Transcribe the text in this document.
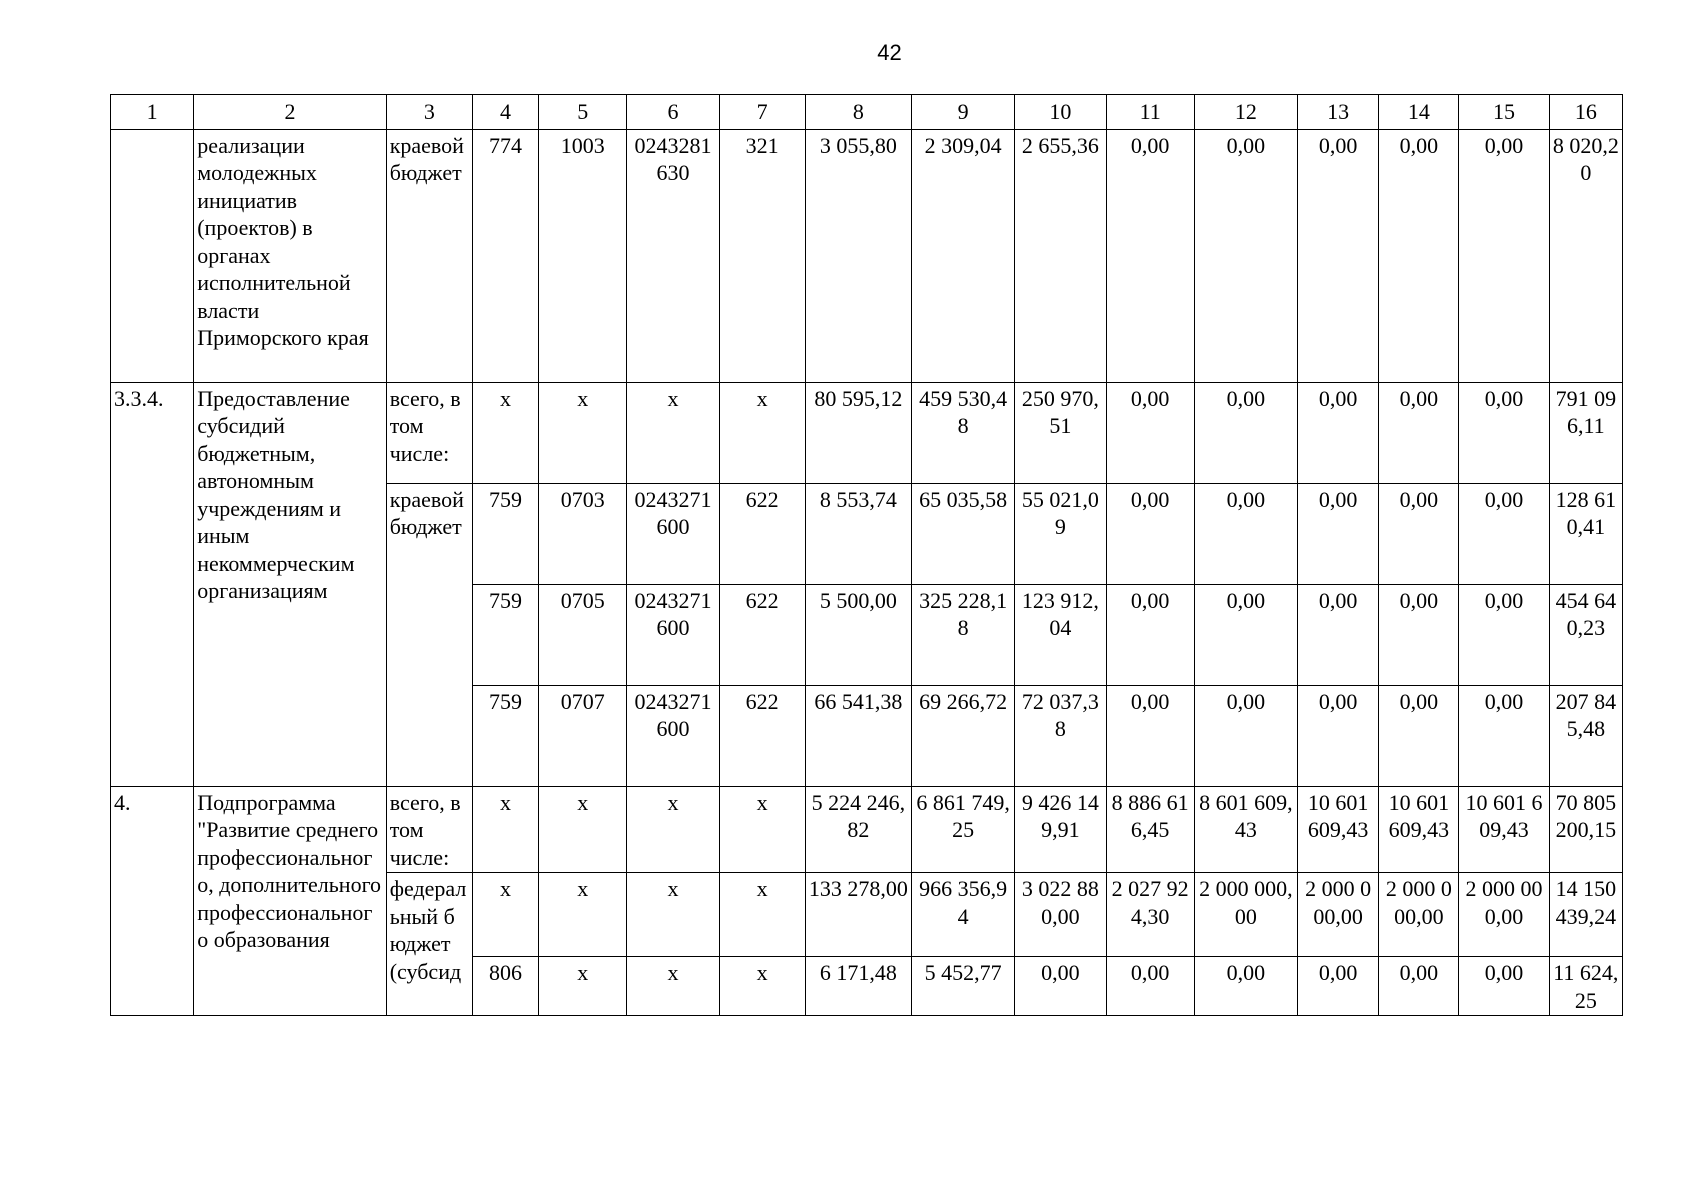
42
1	2	3	4	5	6	7	8	9	10	11	12	13	14	15	16
	реализации молодежных инициатив (проектов) в органах исполнительной власти Приморского края	краевой бюджет	774	1003	0243281630	321	3 055,80	2 309,04	2 655,36	0,00	0,00	0,00	0,00	0,00	8 020,20
3.3.4.	Предоставление субсидий бюджетным, автономным учреждениям и иным некоммерческим организациям	всего, в том числе:	х	х	х	х	80 595,12	459 530,48	250 970,51	0,00	0,00	0,00	0,00	0,00	791 096,11
		краевой бюджет	759	0703	0243271600	622	8 553,74	65 035,58	55 021,09	0,00	0,00	0,00	0,00	0,00	128 610,41
			759	0705	0243271600	622	5 500,00	325 228,18	123 912,04	0,00	0,00	0,00	0,00	0,00	454 640,23
			759	0707	0243271600	622	66 541,38	69 266,72	72 037,38	0,00	0,00	0,00	0,00	0,00	207 845,48
4.	Подпрограмма "Развитие среднего профессионального, дополнительного профессионального образования	всего, в том числе:	х	х	х	х	5 224 246,82	6 861 749,25	9 426 149,91	8 886 616,45	8 601 609,43	10 601 609,43	10 601 609,43	10 601 609,43	70 805 200,15
		федеральный бюджет (субсид	х	х	х	х	133 278,00	966 356,94	3 022 880,00	2 027 924,30	2 000 000,00	2 000 000,00	2 000 000,00	2 000 000,00	14 150 439,24
			806	х	х	х	6 171,48	5 452,77	0,00	0,00	0,00	0,00	0,00	0,00	11 624,25
